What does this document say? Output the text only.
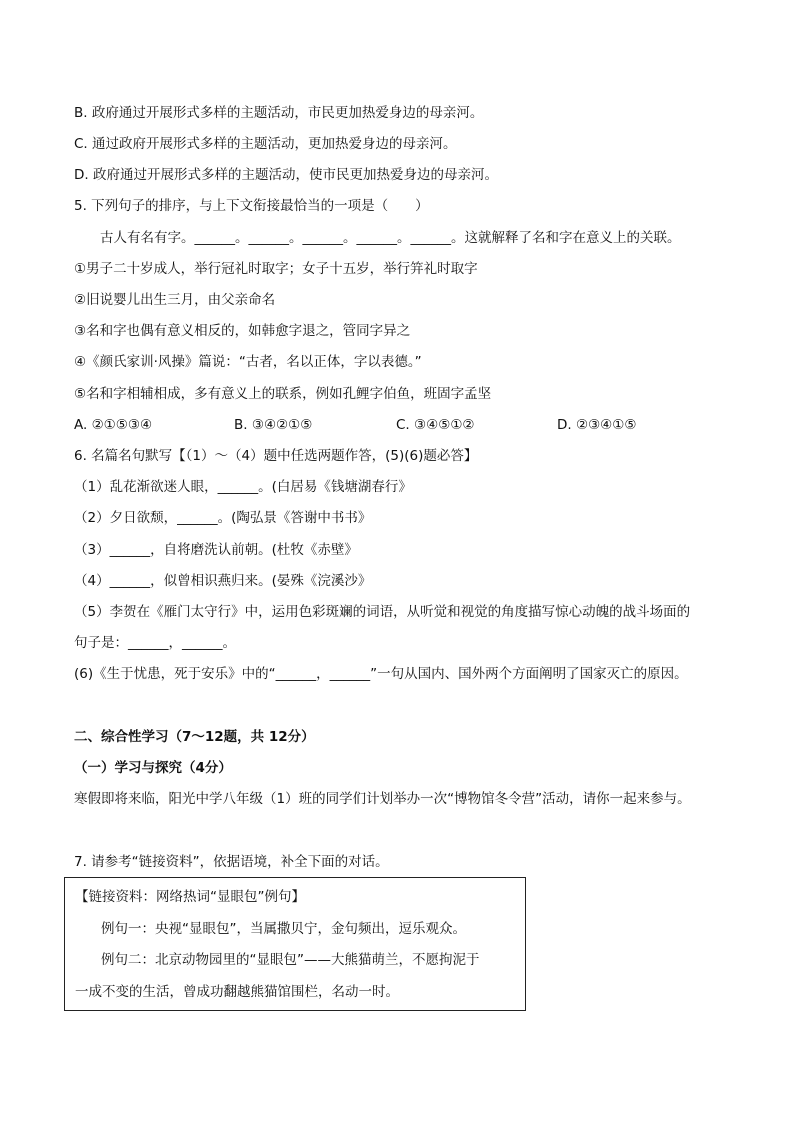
B. 政府通过开展形式多样的主题活动，市民更加热爱身边的母亲河。
C. 通过政府开展形式多样的主题活动，更加热爱身边的母亲河。
D. 政府通过开展形式多样的主题活动，使市民更加热爱身边的母亲河。
5. 下列句子的排序，与上下文衔接最恰当的一项是（　　）
古人有名有字。______。______。______。______。______。这就解释了名和字在意义上的关联。
①男子二十岁成人，举行冠礼时取字；女子十五岁，举行笄礼时取字
②旧说婴儿出生三月，由父亲命名
③名和字也偶有意义相反的，如韩愈字退之，管同字异之
④《颜氏家训·风操》篇说：“古者，名以正体，字以表德。”
⑤名和字相辅相成，多有意义上的联系，例如孔鲤字伯鱼，班固字孟坚
A. ②①⑤③④	B. ③④②①⑤	C. ③④⑤①②	D. ②③④①⑤
6. 名篇名句默写【（1）～（4）题中任选两题作答，(5)(6)题必答】
（1）乱花渐欲迷人眼，______。(白居易《钱塘湖春行》
（2）夕日欲颓，______。(陶弘景《答谢中书书》
（3）______，自将磨洗认前朝。(杜牧《赤壁》
（4）______，似曾相识燕归来。(晏殊《浣溪沙》
（5）李贺在《雁门太守行》中，运用色彩斑斓的词语，从听觉和视觉的角度描写惊心动魄的战斗场面的
句子是：______，______。
(6)《生于忧患，死于安乐》中的“______，______”一句从国内、国外两个方面阐明了国家灭亡的原因。
二、综合性学习（7～12题，共 12分）
（一）学习与探究（4分）
寒假即将来临，阳光中学八年级（1）班的同学们计划举办一次“博物馆冬令营”活动，请你一起来参与。
7. 请参考“链接资料”，依据语境，补全下面的对话。
【链接资料：网络热词“显眼包”例句】
例句一：央视“显眼包”，当属撒贝宁，金句频出，逗乐观众。
例句二：北京动物园里的“显眼包”——大熊猫萌兰，不愿拘泥于
一成不变的生活，曾成功翻越熊猫馆围栏，名动一时。
